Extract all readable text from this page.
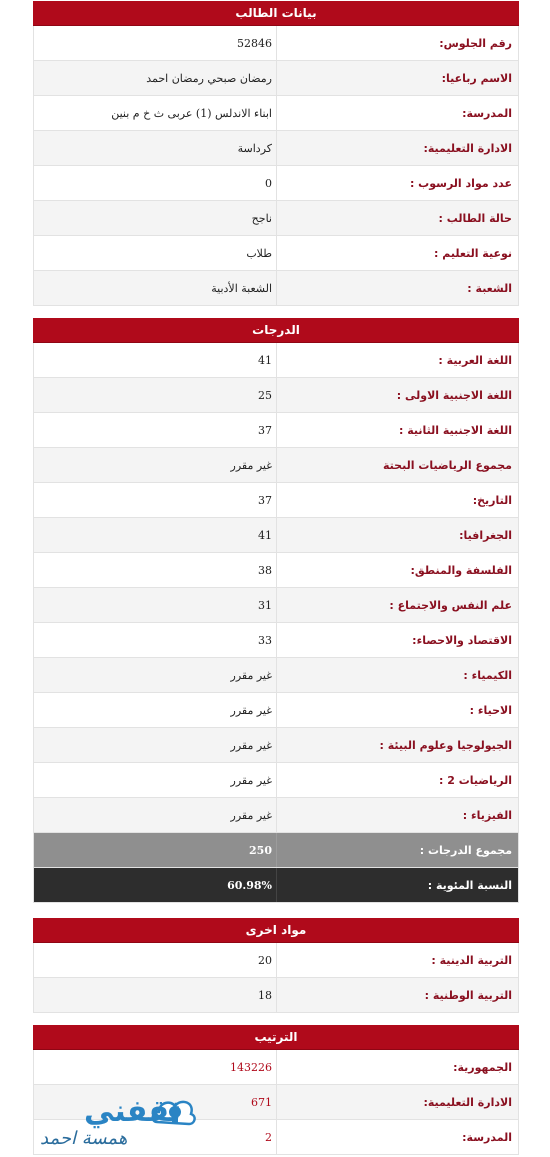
بيانات الطالب
رقم الجلوس:
52846
الاسم رباعيا:
رمضان صبحي رمضان احمد
المدرسة:
ابناء الاندلس (1) عربى ث خ م بنين
الادارة التعليمية:
كرداسة
عدد مواد الرسوب :
0
حالة الطالب :
ناجح
نوعية التعليم :
طلاب
الشعبة :
الشعبة الأدبية
الدرجات
اللغة العربية :
41
اللغة الاجنبية الاولى :
25
اللغة الاجنبية الثانية :
37
مجموع الرياضيات البحتة
غير مقرر
التاريخ:
37
الجغرافيا:
41
الفلسفة والمنطق:
38
علم النفس والاجتماع :
31
الاقتصاد والاحصاء:
33
الكيمياء :
غير مقرر
الاحياء :
غير مقرر
الجيولوجيا وعلوم البيئة :
غير مقرر
الرياضيات 2 :
غير مقرر
الفيزياء :
غير مقرر
مجموع الدرجات :
250
النسبة المئوية :
60.98%
مواد اخرى
التربية الدينية :
20
التربية الوطنية :
18
الترتيب
الجمهورية:
143226
الادارة التعليمية:
671
المدرسة:
2
ثقفني
همسة احمد
